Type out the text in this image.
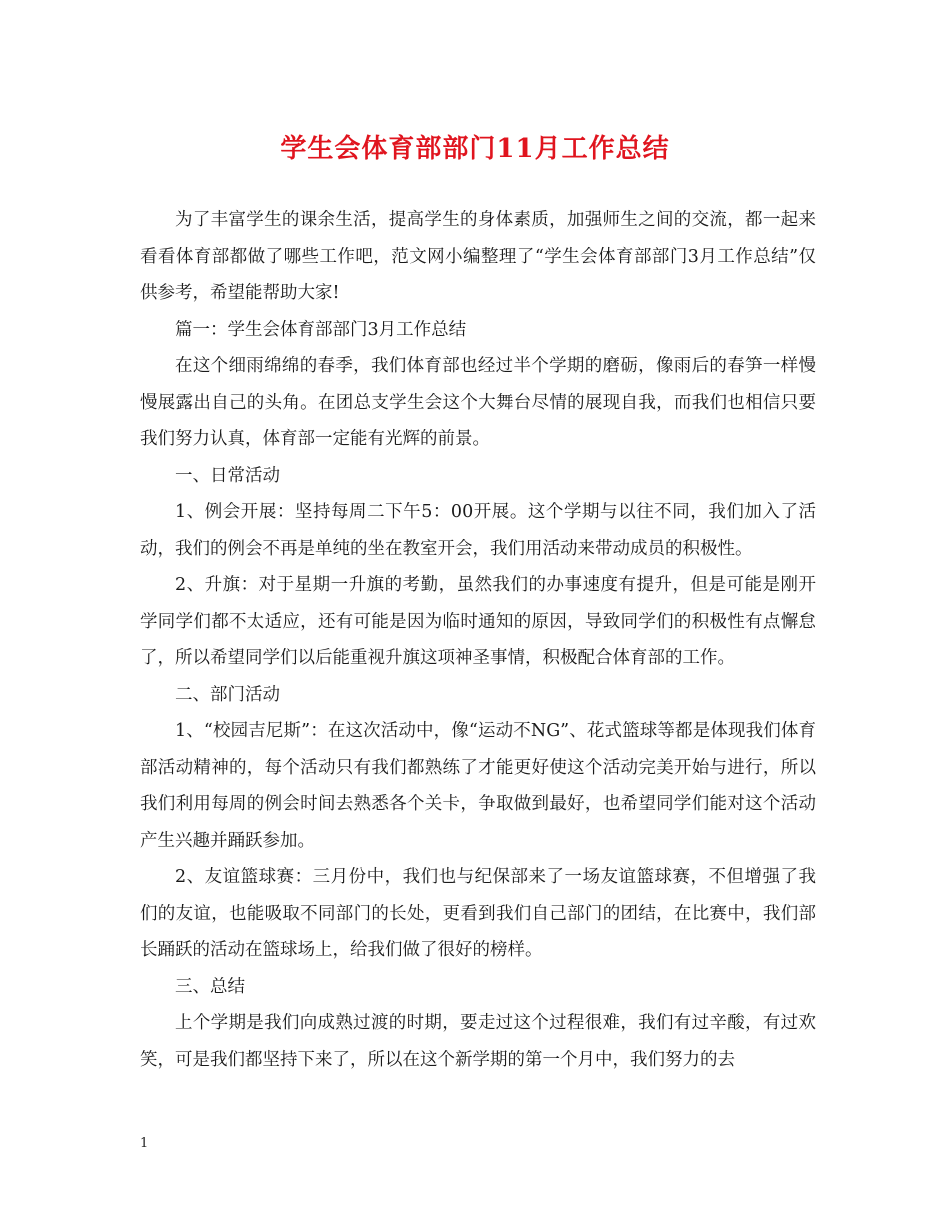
学生会体育部部门11月工作总结

为了丰富学生的课余生活，提高学生的身体素质，加强师生之间的交流，都一起来看看体育部都做了哪些工作吧，范文网小编整理了“学生会体育部部门3月工作总结”仅供参考，希望能帮助大家!

篇一：学生会体育部部门3月工作总结

在这个细雨绵绵的春季，我们体育部也经过半个学期的磨砺，像雨后的春笋一样慢慢展露出自己的头角。在团总支学生会这个大舞台尽情的展现自我，而我们也相信只要我们努力认真，体育部一定能有光辉的前景。

一、日常活动

1、例会开展：坚持每周二下午5：00开展。这个学期与以往不同，我们加入了活动，我们的例会不再是单纯的坐在教室开会，我们用活动来带动成员的积极性。

2、升旗：对于星期一升旗的考勤，虽然我们的办事速度有提升，但是可能是刚开学同学们都不太适应，还有可能是因为临时通知的原因，导致同学们的积极性有点懈怠了，所以希望同学们以后能重视升旗这项神圣事情，积极配合体育部的工作。

二、部门活动

1、“校园吉尼斯”：在这次活动中，像“运动不NG”、花式篮球等都是体现我们体育部活动精神的，每个活动只有我们都熟练了才能更好使这个活动完美开始与进行，所以我们利用每周的例会时间去熟悉各个关卡，争取做到最好，也希望同学们能对这个活动产生兴趣并踊跃参加。

2、友谊篮球赛：三月份中，我们也与纪保部来了一场友谊篮球赛，不但增强了我们的友谊，也能吸取不同部门的长处，更看到我们自己部门的团结，在比赛中，我们部长踊跃的活动在篮球场上，给我们做了很好的榜样。

三、总结

上个学期是我们向成熟过渡的时期，要走过这个过程很难，我们有过辛酸，有过欢笑，可是我们都坚持下来了，所以在这个新学期的第一个月中，我们努力的去

1
